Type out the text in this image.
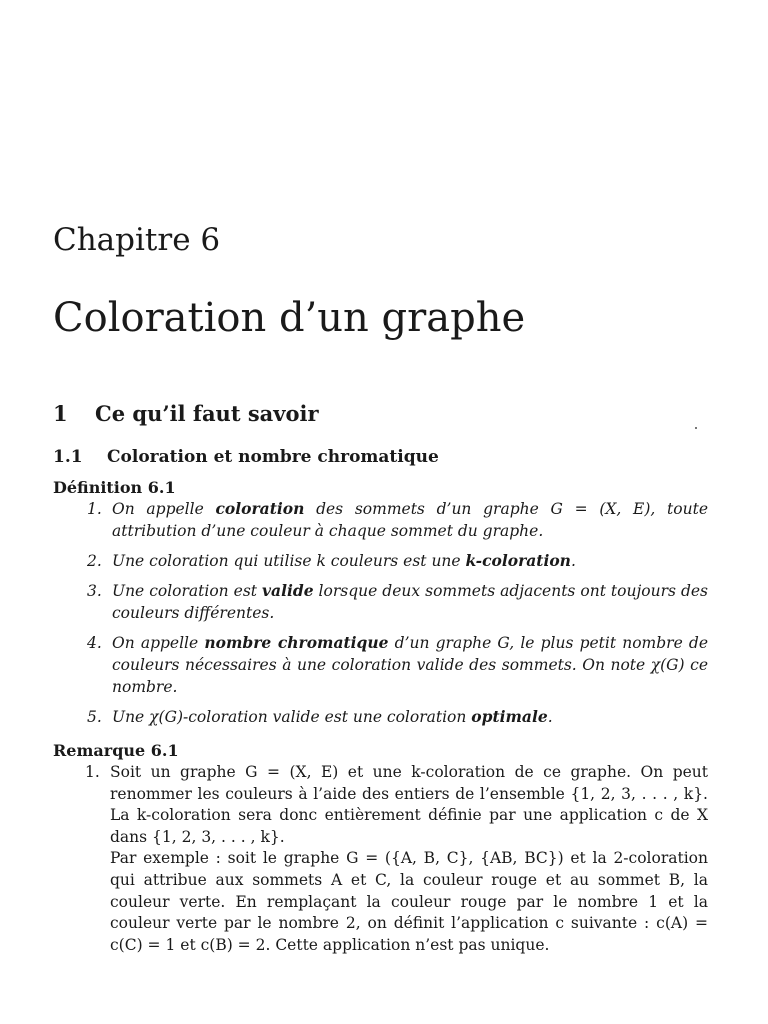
Chapitre 6
Coloration d’un graphe
1 Ce qu’il faut savoir
1.1 Coloration et nombre chromatique
Définition 6.1
1. On appelle coloration des sommets d’un graphe G = (X, E), toute attribution d’une couleur à chaque sommet du graphe.
2. Une coloration qui utilise k couleurs est une k-coloration.
3. Une coloration est valide lorsque deux sommets adjacents ont toujours des couleurs différentes.
4. On appelle nombre chromatique d’un graphe G, le plus petit nombre de couleurs nécessaires à une coloration valide des sommets. On note χ(G) ce nombre.
5. Une χ(G)-coloration valide est une coloration optimale.
Remarque 6.1
1. Soit un graphe G = (X, E) et une k-coloration de ce graphe. On peut renommer les couleurs à l’aide des entiers de l’ensemble {1, 2, 3, . . . , k}. La k-coloration sera donc entièrement définie par une application c de X dans {1, 2, 3, . . . , k}.

Par exemple : soit le graphe G = ({A, B, C}, {AB, BC}) et la 2-coloration qui attribue aux sommets A et C, la couleur rouge et au sommet B, la couleur verte. En remplaçant la couleur rouge par le nombre 1 et la couleur verte par le nombre 2, on définit l’application c suivante : c(A) = c(C) = 1 et c(B) = 2. Cette application n’est pas unique.
